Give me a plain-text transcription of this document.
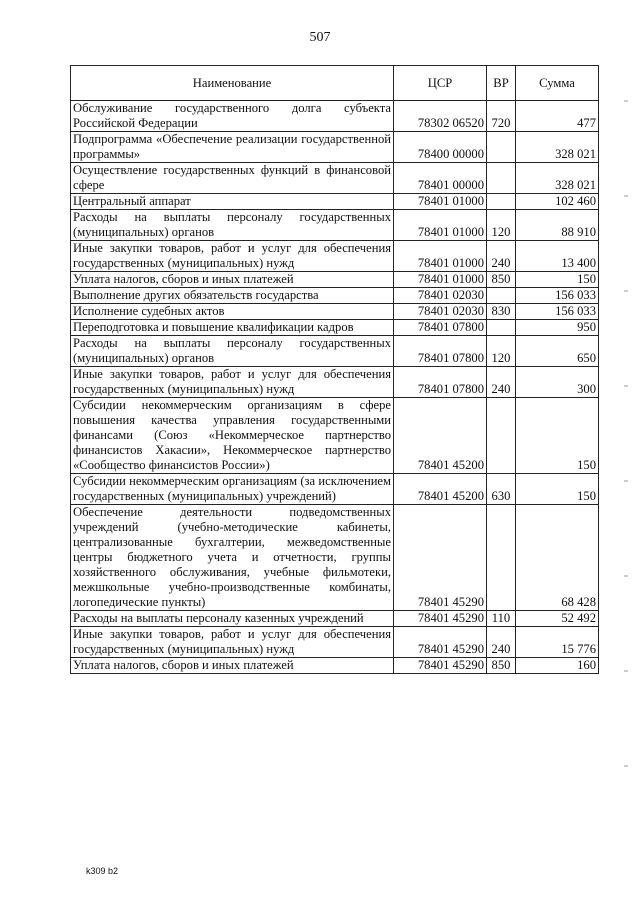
507
Наименование	ЦСР	ВР	Сумма
Обслуживание государственного долга субъекта Российской Федерации	78302 06520	720	477
Подпрограмма «Обеспечение реализации государственной программы»	78400 00000		328 021
Осуществление государственных функций в финансовой сфере	78401 00000		328 021
Центральный аппарат	78401 01000		102 460
Расходы на выплаты персоналу государственных (муниципальных) органов	78401 01000	120	88 910
Иные закупки товаров, работ и услуг для обеспечения государственных (муниципальных) нужд	78401 01000	240	13 400
Уплата налогов, сборов и иных платежей	78401 01000	850	150
Выполнение других обязательств государства	78401 02030		156 033
Исполнение судебных актов	78401 02030	830	156 033
Переподготовка и повышение квалификации кадров	78401 07800		950
Расходы на выплаты персоналу государственных (муниципальных) органов	78401 07800	120	650
Иные закупки товаров, работ и услуг для обеспечения государственных (муниципальных) нужд	78401 07800	240	300
Субсидии некоммерческим организациям в сфере повышения качества управления государственными финансами (Союз «Некоммерческое партнерство финансистов Хакасии», Некоммерческое партнерство «Сообщество финансистов России»)	78401 45200		150
Субсидии некоммерческим организациям (за исключением государственных (муниципальных) учреждений)	78401 45200	630	150
Обеспечение деятельности подведомственных учреждений (учебно-методические кабинеты, централизованные бухгалтерии, межведомственные центры бюджетного учета и отчетности, группы хозяйственного обслуживания, учебные фильмотеки, межшкольные учебно-производственные комбинаты, логопедические пункты)	78401 45290		68 428
Расходы на выплаты персоналу казенных учреждений	78401 45290	110	52 492
Иные закупки товаров, работ и услуг для обеспечения государственных (муниципальных) нужд	78401 45290	240	15 776
Уплата налогов, сборов и иных платежей	78401 45290	850	160
k309 b2
